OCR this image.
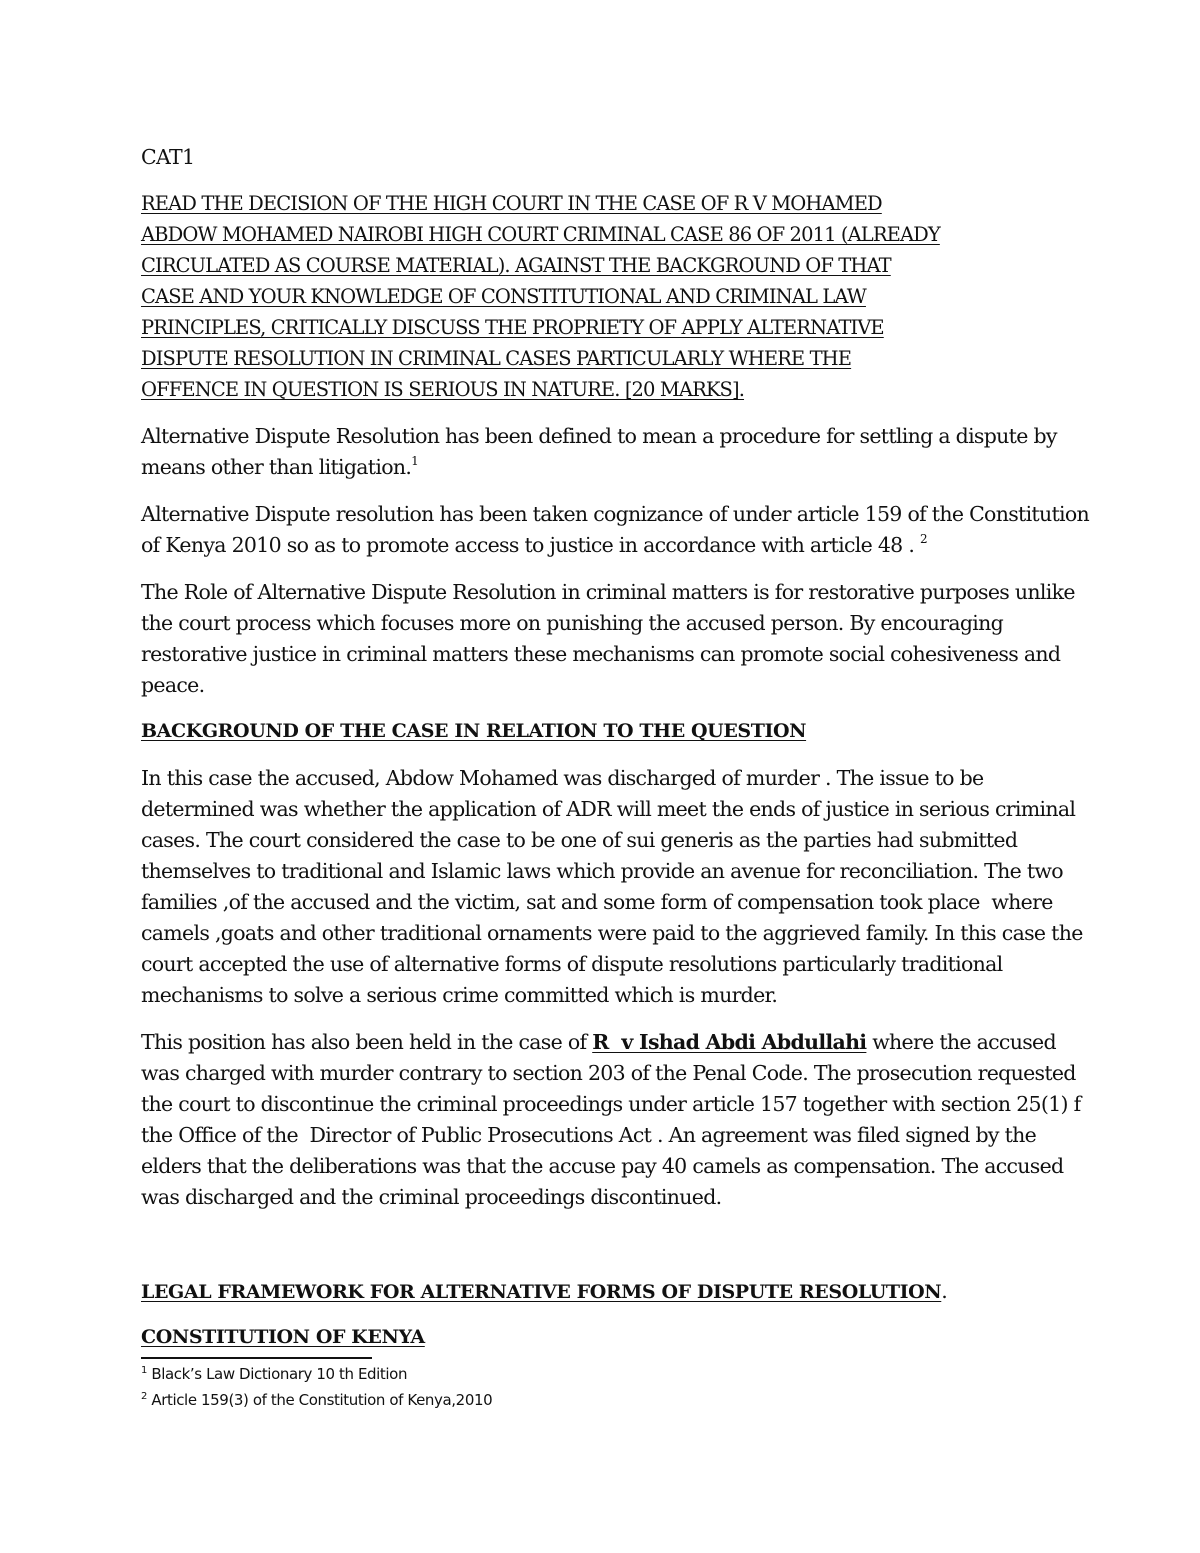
CAT1
READ THE DECISION OF THE HIGH COURT IN THE CASE OF R V MOHAMED
ABDOW MOHAMED NAIROBI HIGH COURT CRIMINAL CASE 86 OF 2011 (ALREADY
CIRCULATED AS COURSE MATERIAL). AGAINST THE BACKGROUND OF THAT
CASE AND YOUR KNOWLEDGE OF CONSTITUTIONAL AND CRIMINAL LAW
PRINCIPLES, CRITICALLY DISCUSS THE PROPRIETY OF APPLY ALTERNATIVE
DISPUTE RESOLUTION IN CRIMINAL CASES PARTICULARLY WHERE THE
OFFENCE IN QUESTION IS SERIOUS IN NATURE. [20 MARKS].
Alternative Dispute Resolution has been defined to mean a procedure for settling a dispute by
means other than litigation.$^1$
Alternative Dispute resolution has been taken cognizance of under article 159 of the Constitution
of Kenya 2010 so as to promote access to justice in accordance with article 48 . $^2$
The Role of Alternative Dispute Resolution in criminal matters is for restorative purposes unlike
the court process which focuses more on punishing the accused person. By encouraging
restorative justice in criminal matters these mechanisms can promote social cohesiveness and
peace.
BACKGROUND OF THE CASE IN RELATION TO THE QUESTION
In this case the accused, Abdow Mohamed was discharged of murder . The issue to be
determined was whether the application of ADR will meet the ends of justice in serious criminal
cases. The court considered the case to be one of sui generis as the parties had submitted
themselves to traditional and Islamic laws which provide an avenue for reconciliation. The two
families ,of the accused and the victim, sat and some form of compensation took place  where
camels ,goats and other traditional ornaments were paid to the aggrieved family. In this case the
court accepted the use of alternative forms of dispute resolutions particularly traditional
mechanisms to solve a serious crime committed which is murder.
This position has also been held in the case of R  v Ishad Abdi Abdullahi where the accused
was charged with murder contrary to section 203 of the Penal Code. The prosecution requested
the court to discontinue the criminal proceedings under article 157 together with section 25(1) f
the Office of the  Director of Public Prosecutions Act . An agreement was filed signed by the
elders that the deliberations was that the accuse pay 40 camels as compensation. The accused
was discharged and the criminal proceedings discontinued.
LEGAL FRAMEWORK FOR ALTERNATIVE FORMS OF DISPUTE RESOLUTION.
CONSTITUTION OF KENYA
$^1$ Black’s Law Dictionary 10 th Edition
$^2$ Article 159(3) of the Constitution of Kenya,2010
